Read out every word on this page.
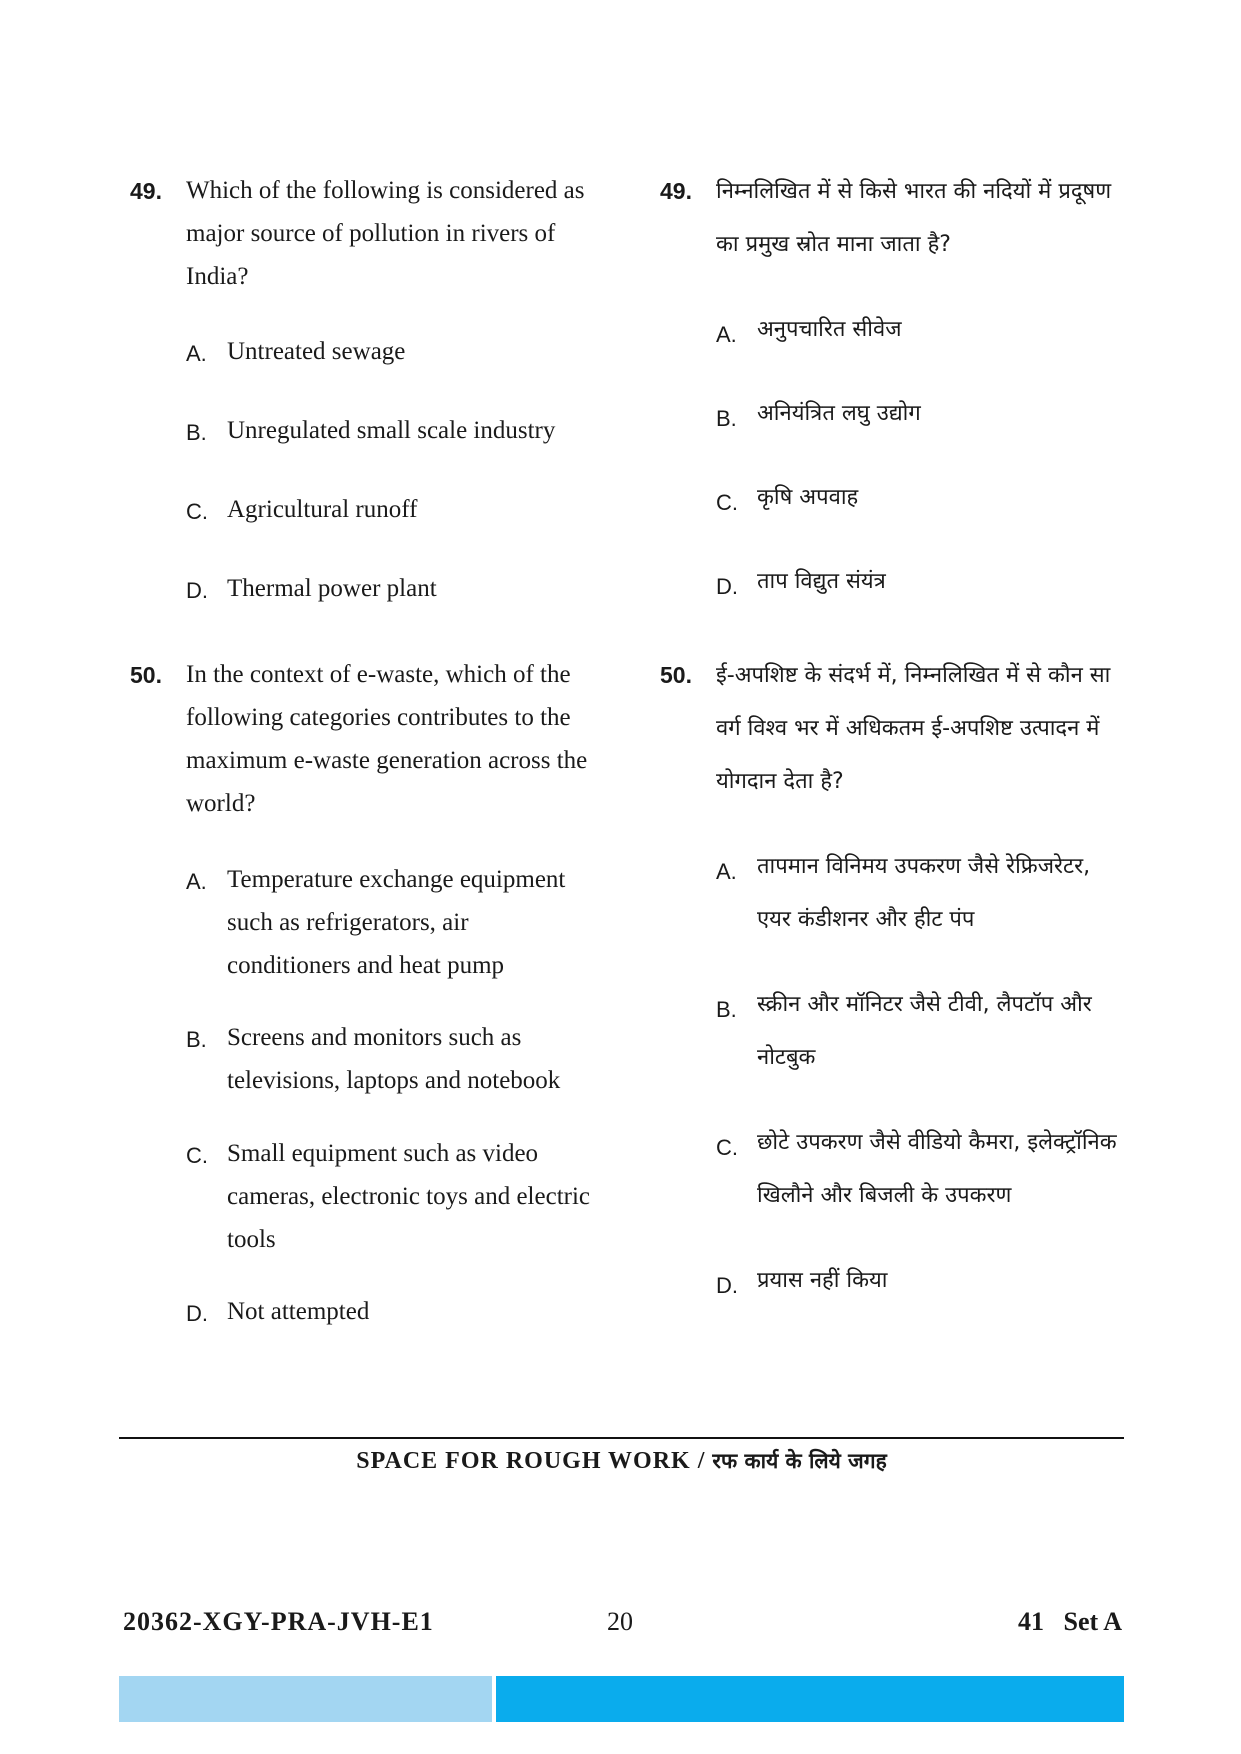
49. Which of the following is considered as
major source of pollution in rivers of
India?
A. Untreated sewage
B. Unregulated small scale industry
C. Agricultural runoff
D. Thermal power plant
50. In the context of e-waste, which of the
following categories contributes to the
maximum e-waste generation across the
world?
A. Temperature exchange equipment
such as refrigerators, air
conditioners and heat pump
B. Screens and monitors such as
televisions, laptops and notebook
C. Small equipment such as video
cameras, electronic toys and electric
tools
D. Not attempted
49. निम्नलिखित में से किसे भारत की नदियों में प्रदूषण
का प्रमुख स्रोत माना जाता है?
A. अनुपचारित सीवेज
B. अनियंत्रित लघु उद्योग
C. कृषि अपवाह
D. ताप विद्युत संयंत्र
50. ई-अपशिष्ट के संदर्भ में, निम्नलिखित में से कौन सा
वर्ग विश्व भर में अधिकतम ई-अपशिष्ट उत्पादन में
योगदान देता है?
A. तापमान विनिमय उपकरण जैसे रेफ्रिजरेटर,
एयर कंडीशनर और हीट पंप
B. स्क्रीन और मॉनिटर जैसे टीवी, लैपटॉप और
नोटबुक
C. छोटे उपकरण जैसे वीडियो कैमरा, इलेक्ट्रॉनिक
खिलौने और बिजली के उपकरण
D. प्रयास नहीं किया
SPACE FOR ROUGH WORK / रफ कार्य के लिये जगह
20362-XGY-PRA-JVH-E1	20	41   Set A
